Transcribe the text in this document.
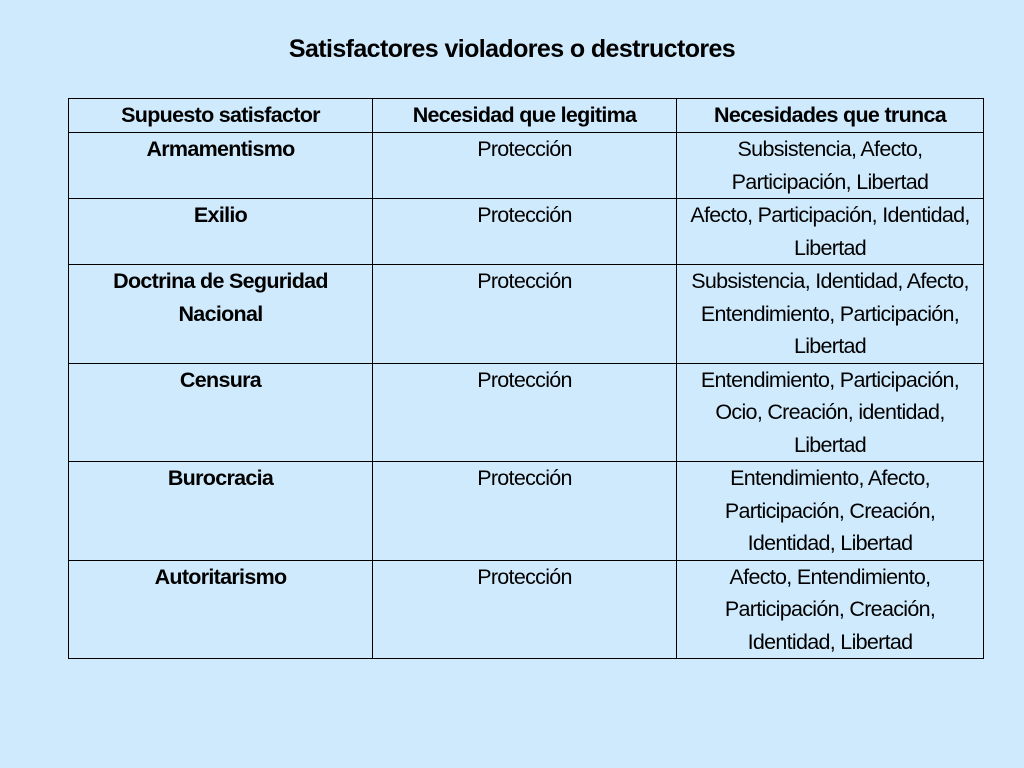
Satisfactores violadores o destructores
Supuesto satisfactor	Necesidad que legitima	Necesidades que trunca
Armamentismo	Protección	Subsistencia, Afecto, Participación, Libertad
Exilio	Protección	Afecto, Participación, Identidad, Libertad
Doctrina de Seguridad Nacional	Protección	Subsistencia, Identidad, Afecto, Entendimiento, Participación, Libertad
Censura	Protección	Entendimiento, Participación, Ocio, Creación, identidad, Libertad
Burocracia	Protección	Entendimiento, Afecto, Participación, Creación, Identidad, Libertad
Autoritarismo	Protección	Afecto, Entendimiento, Participación, Creación, Identidad, Libertad
